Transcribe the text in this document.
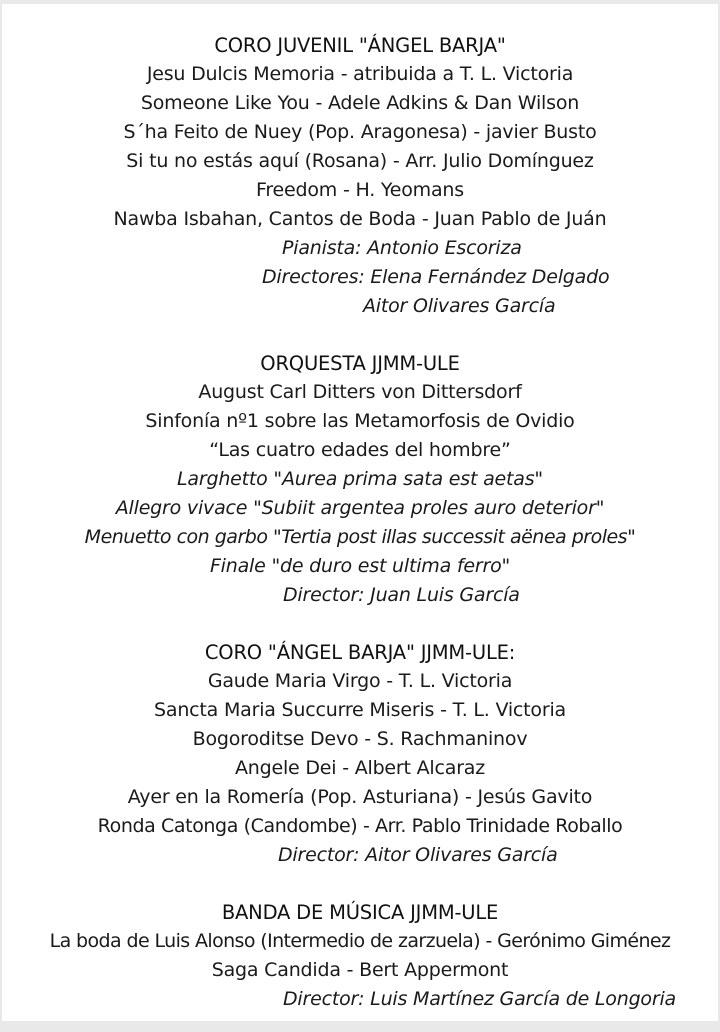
CORO JUVENIL "ÁNGEL BARJA"
Jesu Dulcis Memoria - atribuida a T. L. Victoria
Someone Like You - Adele Adkins & Dan Wilson
S´ha Feito de Nuey (Pop. Aragonesa) - javier Busto
Si tu no estás aquí (Rosana) - Arr. Julio Domínguez
Freedom - H. Yeomans
Nawba Isbahan, Cantos de Boda - Juan Pablo de Juán
Pianista: Antonio Escoriza
Directores: Elena Fernández Delgado
Aitor Olivares García
ORQUESTA JJMM-ULE
August Carl Ditters von Dittersdorf
Sinfonía nº1 sobre las Metamorfosis de Ovidio
“Las cuatro edades del hombre”
Larghetto "Aurea prima sata est aetas"
Allegro vivace "Subiit argentea proles auro deterior"
Menuetto con garbo "Tertia post illas successit aënea proles"
Finale "de duro est ultima ferro"
Director: Juan Luis García
CORO "ÁNGEL BARJA" JJMM-ULE:
Gaude Maria Virgo - T. L. Victoria
Sancta Maria Succurre Miseris - T. L. Victoria
Bogoroditse Devo - S. Rachmaninov
Angele Dei - Albert Alcaraz
Ayer en la Romería (Pop. Asturiana) - Jesús Gavito
Ronda Catonga (Candombe) - Arr. Pablo Trinidade Roballo
Director: Aitor Olivares García
BANDA DE MÚSICA JJMM-ULE
La boda de Luis Alonso (Intermedio de zarzuela) - Gerónimo Giménez
Saga Candida - Bert Appermont
Director: Luis Martínez García de Longoria
